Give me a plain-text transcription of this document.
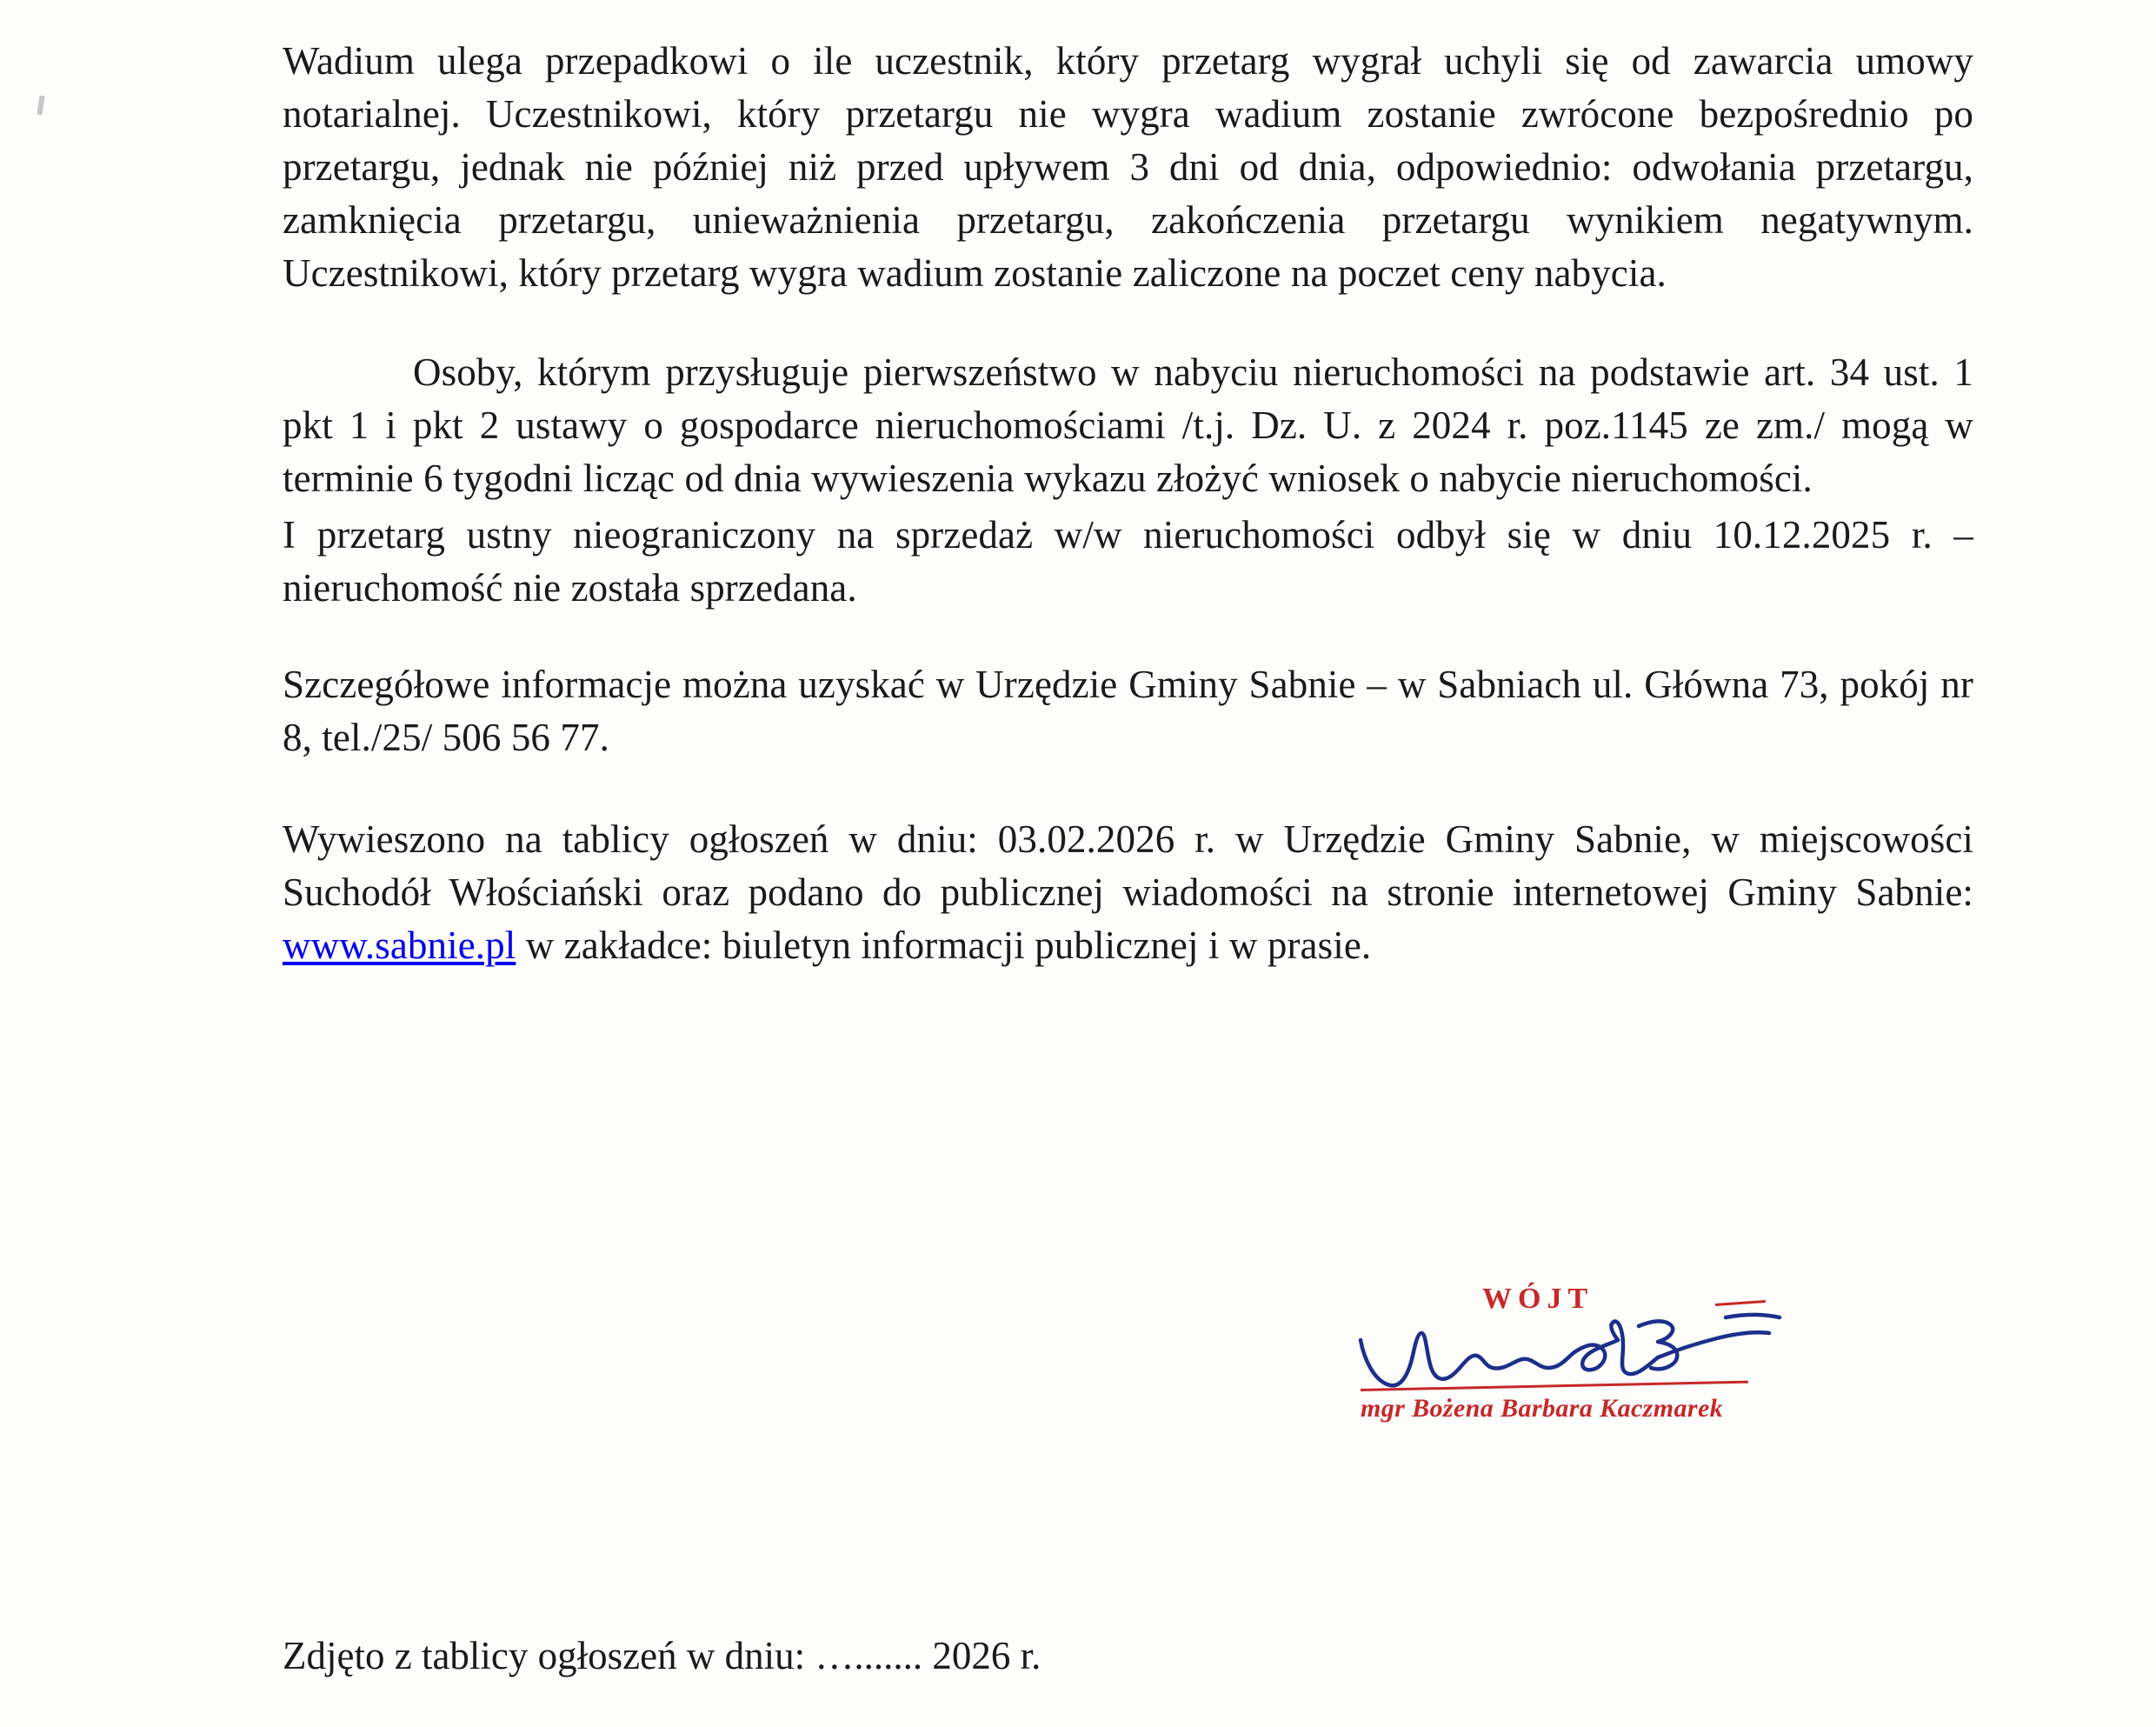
Wadium ulega przepadkowi o ile uczestnik, który przetarg wygrał uchyli się od zawarcia umowy notarialnej. Uczestnikowi, który przetargu nie wygra wadium zostanie zwrócone bezpośrednio po przetargu, jednak nie później niż przed upływem 3 dni od dnia, odpowiednio: odwołania przetargu, zamknięcia przetargu, unieważnienia przetargu, zakończenia przetargu wynikiem negatywnym. Uczestnikowi, który przetarg wygra wadium zostanie zaliczone na poczet ceny nabycia.

Osoby, którym przysługuje pierwszeństwo w nabyciu nieruchomości na podstawie art. 34 ust. 1 pkt 1 i pkt 2 ustawy o gospodarce nieruchomościami /t.j. Dz. U. z 2024 r. poz.1145 ze zm./ mogą w terminie 6 tygodni licząc od dnia wywieszenia wykazu złożyć wniosek o nabycie nieruchomości.

I przetarg ustny nieograniczony na sprzedaż w/w nieruchomości odbył się w dniu 10.12.2025 r. – nieruchomość nie została sprzedana.

Szczegółowe informacje można uzyskać w Urzędzie Gminy Sabnie – w Sabniach ul. Główna 73, pokój nr 8, tel./25/ 506 56 77.

Wywieszono na tablicy ogłoszeń w dniu: 03.02.2026 r. w Urzędzie Gminy Sabnie, w miejscowości Suchodół Włościański oraz podano do publicznej wiadomości na stronie internetowej Gminy Sabnie: www.sabnie.pl w zakładce: biuletyn informacji publicznej i w prasie.

WÓJT
mgr Bożena Barbara Kaczmarek
Zdjęto z tablicy ogłoszeń w dniu: …....... 2026 r.
